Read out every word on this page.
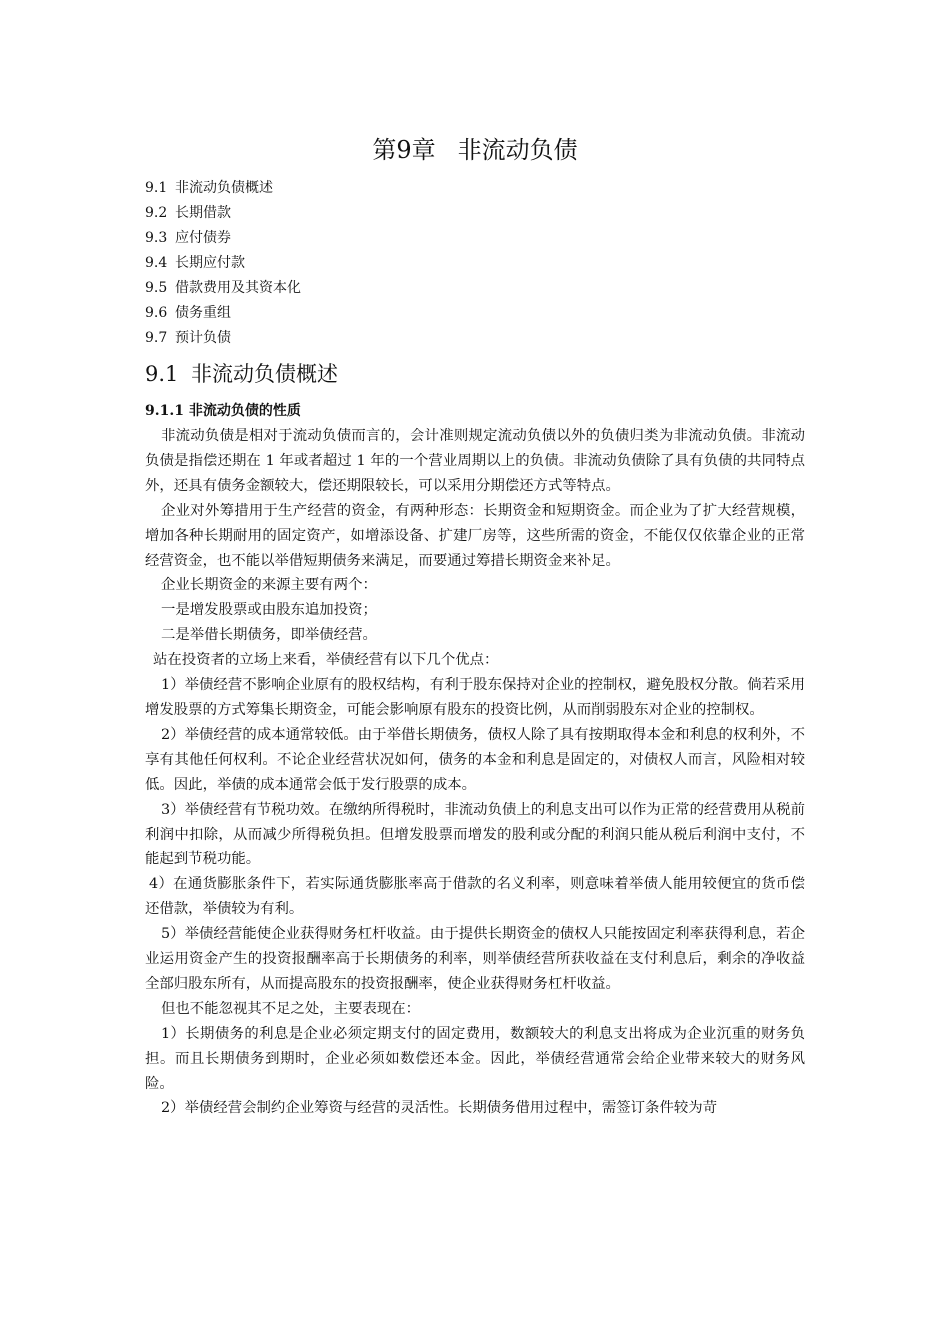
第9章 非流动负债
9.1 非流动负债概述
9.2 长期借款
9.3 应付债券
9.4 长期应付款
9.5 借款费用及其资本化
9.6 债务重组
9.7 预计负债
9.1 非流动负债概述
9.1.1 非流动负债的性质

非流动负债是相对于流动负债而言的，会计准则规定流动负债以外的负债归类为非流动负债。非流动负债是指偿还期在 1 年或者超过 1 年的一个营业周期以上的负债。非流动负债除了具有负债的共同特点外，还具有债务金额较大，偿还期限较长，可以采用分期偿还方式等特点。

企业对外筹措用于生产经营的资金，有两种形态：长期资金和短期资金。而企业为了扩大经营规模，增加各种长期耐用的固定资产，如增添设备、扩建厂房等，这些所需的资金，不能仅仅依靠企业的正常经营资金，也不能以举借短期债务来满足，而要通过筹措长期资金来补足。

企业长期资金的来源主要有两个：

一是增发股票或由股东追加投资；

二是举借长期债务，即举债经营。

站在投资者的立场上来看，举债经营有以下几个优点：

1）举债经营不影响企业原有的股权结构，有利于股东保持对企业的控制权，避免股权分散。倘若采用增发股票的方式筹集长期资金，可能会影响原有股东的投资比例，从而削弱股东对企业的控制权。

2）举债经营的成本通常较低。由于举借长期债务，债权人除了具有按期取得本金和利息的权利外，不享有其他任何权利。不论企业经营状况如何，债务的本金和利息是固定的，对债权人而言，风险相对较低。因此，举债的成本通常会低于发行股票的成本。

3）举债经营有节税功效。在缴纳所得税时，非流动负债上的利息支出可以作为正常的经营费用从税前利润中扣除，从而减少所得税负担。但增发股票而增发的股利或分配的利润只能从税后利润中支付，不能起到节税功能。

4）在通货膨胀条件下，若实际通货膨胀率高于借款的名义利率，则意味着举债人能用较便宜的货币偿还借款，举债较为有利。

5）举债经营能使企业获得财务杠杆收益。由于提供长期资金的债权人只能按固定利率获得利息，若企业运用资金产生的投资报酬率高于长期债务的利率，则举债经营所获收益在支付利息后，剩余的净收益全部归股东所有，从而提高股东的投资报酬率，使企业获得财务杠杆收益。

但也不能忽视其不足之处，主要表现在：

1）长期债务的利息是企业必须定期支付的固定费用，数额较大的利息支出将成为企业沉重的财务负担。而且长期债务到期时，企业必须如数偿还本金。因此，举债经营通常会给企业带来较大的财务风险。

2）举债经营会制约企业筹资与经营的灵活性。长期债务借用过程中，需签订条件较为苛
